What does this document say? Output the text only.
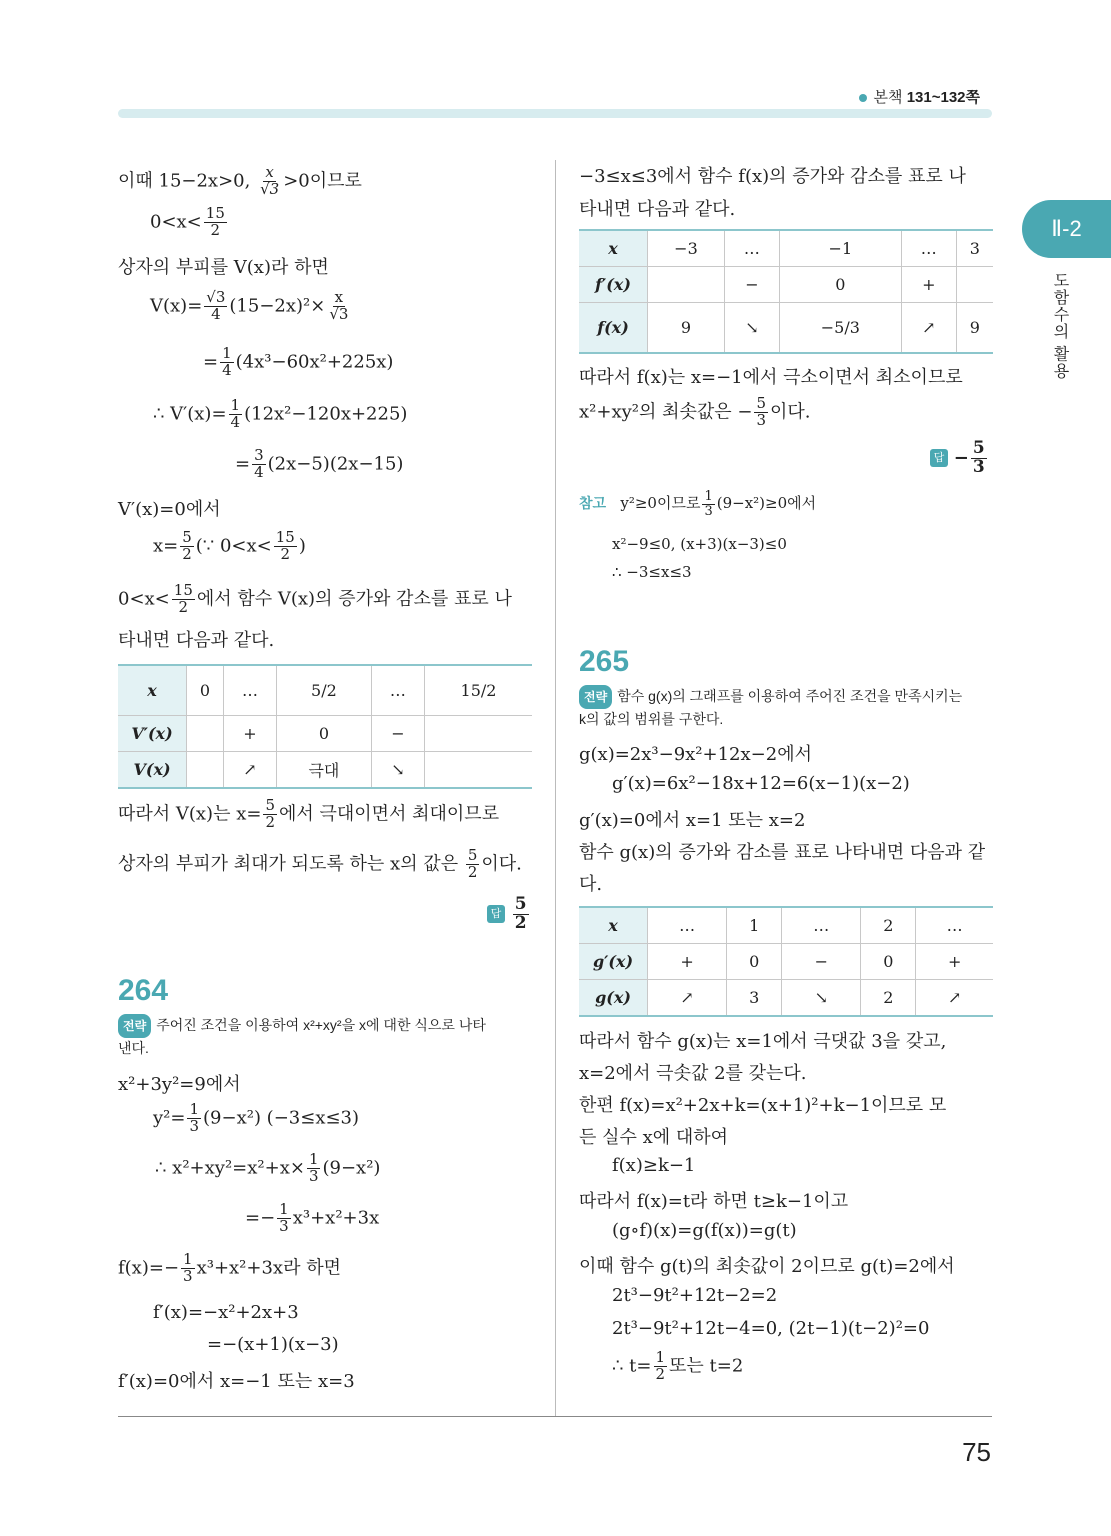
본책 131~132쪽
Ⅱ-2
도함수의 활용
이때 15−2x>0, $\frac{x}{√3} >0$이므로
$0<x< \frac{15}{2}$
상자의 부피를 V(x)라 하면
$V(x)= \frac{√3}{4} (15-2x)^2\times \frac{x}{√3}$
= $\frac{1}{4} (4x^3-60x^2+225x)$
∴ $V'(x)= \frac{1}{4} (12x^2-120x+225)$
= $\frac{3}{4} (2x-5)(2x-15)$
V′(x)=0에서
$x= \frac{5}{2}$ (∵ $0<x< \frac{15}{2}$ )
$0<x< \frac{15}{2}$ 에서 함수 V(x)의 증가와 감소를 표로 나
타내면 다음과 같다.
x	0	…	5/2	…	15/2
V′(x)		+	0	−	
V(x)		↗	극대	↘	
따라서 V(x)는 $x= \frac{5}{2}$ 에서 극대이면서 최대이므로
상자의 부피가 최대가 되도록 하는 x의 값은 $\frac{5}{2}$ 이다.
답 $\frac{5}{2}$
264
전략 주어진 조건을 이용하여 x²+xy²을 x에 대한 식으로 나타
낸다.
x²+3y²=9에서
$y^2= \frac{1}{3} (9-x^2)$ (−3≤x≤3)
∴ $x^2+xy^2=x^2+x\times \frac{1}{3} (9-x^2)$
=− $\frac{1}{3} x^3+x^2+3x$
$f(x)=- \frac{1}{3} x^3+x^2+3x$라 하면
f′(x)=−x²+2x+3
=−(x+1)(x−3)
f′(x)=0에서 x=−1 또는 x=3
−3≤x≤3에서 함수 f(x)의 증가와 감소를 표로 나
타내면 다음과 같다.
x	−3	…	−1	…	3
f′(x)		−	0	+	
f(x)	9	↘	−5/3	↗	9
따라서 f(x)는 x=−1에서 극소이면서 최소이므로
x²+xy²의 최솟값은 − $\frac{5}{3}$ 이다.
답 − $\frac{5}{3}$
참고 y²≥0이므로 $\frac{1}{3} (9-x^2)\ge 0$에서
x²−9≤0, (x+3)(x−3)≤0
∴ −3≤x≤3
265
전략 함수 g(x)의 그래프를 이용하여 주어진 조건을 만족시키는
k의 값의 범위를 구한다.
g(x)=2x³−9x²+12x−2에서
g′(x)=6x²−18x+12=6(x−1)(x−2)
g′(x)=0에서 x=1 또는 x=2
함수 g(x)의 증가와 감소를 표로 나타내면 다음과 같
다.
x	…	1	…	2	…
g′(x)	+	0	−	0	+
g(x)	↗	3	↘	2	↗
따라서 함수 g(x)는 x=1에서 극댓값 3을 갖고,
x=2에서 극솟값 2를 갖는다.
한편 f(x)=x²+2x+k=(x+1)²+k−1이므로 모
든 실수 x에 대하여
f(x)≥k−1
따라서 f(x)=t라 하면 t≥k−1이고
(g∘f)(x)=g(f(x))=g(t)
이때 함수 g(t)의 최솟값이 2이므로 g(t)=2에서
2t³−9t²+12t−2=2
2t³−9t²+12t−4=0, (2t−1)(t−2)²=0
∴ $t= \frac{1}{2}$ 또는 t=2
75
